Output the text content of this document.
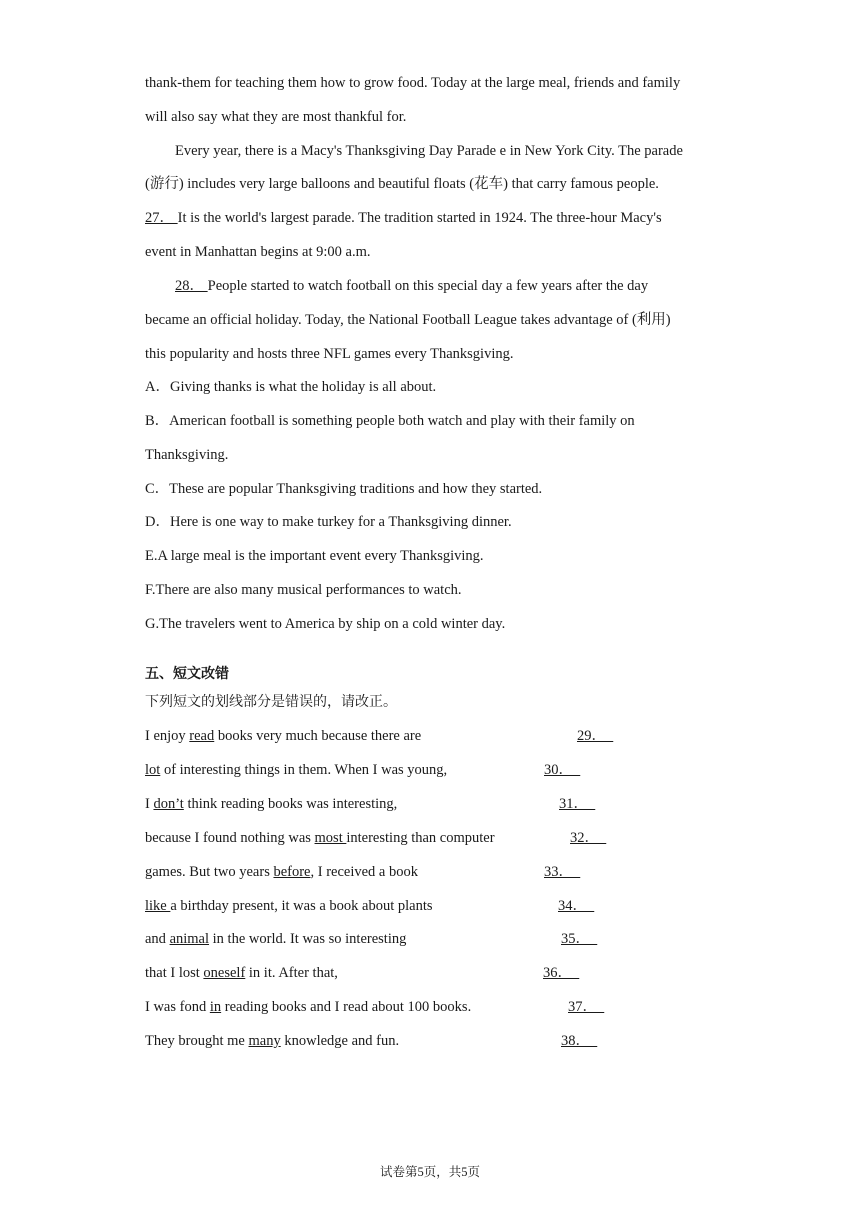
thank-them for teaching them how to grow food. Today at the large meal, friends and family
will also say what they are most thankful for.
Every year, there is a Macy's Thanksgiving Day Parade e in New York City. The parade
(游行) includes very large balloons and beautiful floats (花车) that carry famous people.
27． It is the world's largest parade. The tradition started in 1924. The three-hour Macy's
event in Manhattan begins at 9:00 a.m.
28． People started to watch football on this special day a few years after the day
became an official holiday. Today, the National Football League takes advantage of (利用)
this popularity and hosts three NFL games every Thanksgiving.
A．Giving thanks is what the holiday is all about.
B．American football is something people both watch and play with their family on
Thanksgiving.
C．These are popular Thanksgiving traditions and how they started.
D．Here is one way to make turkey for a Thanksgiving dinner.
E.A large meal is the important event every Thanksgiving.
F.There are also many musical performances to watch.
G.The travelers went to America by ship on a cold winter day.
五、短文改错
下列短文的划线部分是错误的，请改正。
I enjoy read books very much because there are	29．
lot of interesting things in them. When I was young,	30．
I don’t think reading books was interesting,	31．
because I found nothing was most interesting than computer	32．
games. But two years before, I received a book	33．
like a birthday present, it was a book about plants	34．
and animal in the world. It was so interesting	35．
that I lost oneself in it. After that,	36．
I was fond in reading books and I read about 100 books.	37．
They brought me many knowledge and fun.	38．
试卷第5页，共5页
